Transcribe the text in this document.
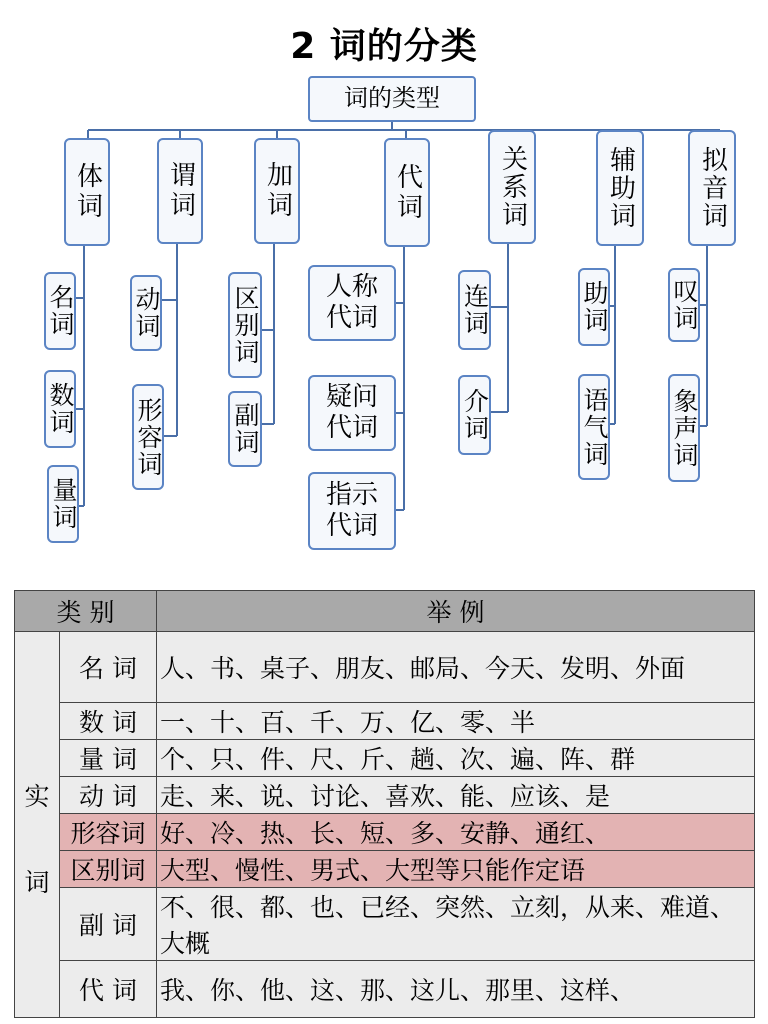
2 词的分类
词的类型
体词	谓词	加词	代词	关系词	辅助词	拟音词
名词
数词
量词
动词
形容词
区别词
副词
人称代词
疑问代词
指示代词
连词
介词
助词
语气词
叹词
象声词
类 别		举 例

实
词	名 词	人、书、桌子、朋友、邮局、今天、发明、外面
	数 词	一、十、百、千、万、亿、零、半
	量 词	个、只、件、尺、斤、趟、次、遍、阵、群
	动 词	走、来、说、讨论、喜欢、能、应该、是
	形容词	好、冷、热、长、短、多、安静、通红、
	区别词	大型、慢性、男式、大型等只能作定语
	副 词	不、很、都、也、已经、突然、立刻，从来、难道、大概
	代 词	我、你、他、这、那、这儿、那里、这样、
